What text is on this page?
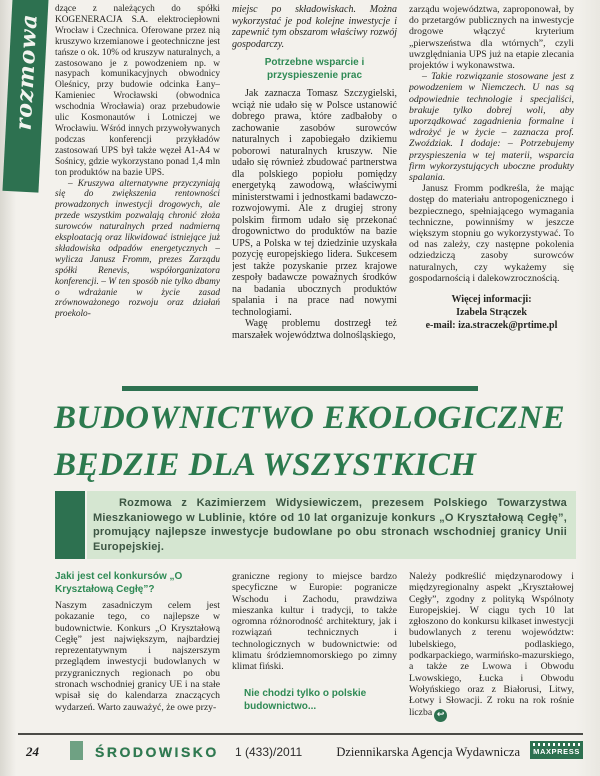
rozmowa

dzące z należących do spółki KOGENERACJA S.A. elektrociepłowni Wrocław i Czechnica. Oferowane przez nią kruszywo krzemianowe i geotechniczne jest tańsze o ok. 10% od kruszyw naturalnych, a zastosowano je z powodzeniem np. w nasypach komunikacyjnych obwodnicy Oleśnicy, przy budowie odcinka Łany–Kamieniec Wrocławski (obwodnica wschodnia Wrocławia) oraz przebudowie ulic Kosmonautów i Lotniczej we Wrocławiu. Wśród innych przywoływanych podczas konferencji przykładów zastosowań UPS był także węzeł A1-A4 w Sośnicy, gdzie wykorzystano ponad 1,4 mln ton produktów na bazie UPS.

– Kruszywa alternatywne przyczyniają się do zwiększenia rentowności prowadzonych inwestycji drogowych, ale przede wszystkim pozwalają chronić złoża surowców naturalnych przed nadmierną eksploatacją oraz likwidować istniejące już składowiska odpadów energetycznych – wylicza Janusz Fromm, prezes Zarządu spółki Renevis, współorganizatora konferencji. – W ten sposób nie tylko dbamy o wdrażanie w życie zasad zrównoważonego rozwoju oraz działań proekolo-

miejsc po składowiskach. Można wykorzystać je pod kolejne inwestycje i zapewnić tym obszarom właściwy rozwój gospodarczy.

Potrzebne wsparcie i przyspieszenie prac

Jak zaznacza Tomasz Szczygielski, wciąż nie udało się w Polsce ustanowić dobrego prawa, które zadbałoby o zachowanie zasobów surowców naturalnych i zapobiegało dzikiemu poborowi naturalnych kruszyw. Nie udało się również zbudować partnerstwa dla polskiego popiołu pomiędzy energetyką zawodową, właściwymi ministerstwami i jednostkami badawczo-rozwojowymi. Ale z drugiej strony polskim firmom udało się przekonać drogownictwo do produktów na bazie UPS, a Polska w tej dziedzinie uzyskała pozycję europejskiego lidera. Sukcesem jest także pozyskanie przez krajowe zespoły badawcze poważnych środków na badania ubocznych produktów spalania i na prace nad nowymi technologiami.

Wagę problemu dostrzegł też marszałek województwa dolnośląskiego,

zarządu województwa, zaproponował, by do przetargów publicznych na inwestycje drogowe włączyć kryterium „pierwszeństwa dla wtórnych”, czyli uwzględniania UPS już na etapie zlecania projektów i wykonawstwa.

– Takie rozwiązanie stosowane jest z powodzeniem w Niemczech. U nas są odpowiednie technologie i specjaliści, brakuje tylko dobrej woli, aby uporządkować zagadnienia formalne i wdrożyć je w życie – zaznacza prof. Zwoździak. I dodaje: – Potrzebujemy przyspieszenia w tej materii, wsparcia firm wykorzystujących uboczne produkty spalania.

Janusz Fromm podkreśla, że mając dostęp do materiału antropogenicznego i bezpiecznego, spełniającego wymagania techniczne, powinniśmy w jeszcze większym stopniu go wykorzystywać. To od nas zależy, czy następne pokolenia odziedziczą zasoby surowców naturalnych, czy wykażemy się gospodarnością i dalekowzrocznością.

Więcej informacji:
Izabela Strączek
e-mail: iza.straczek@prtime.pl
BUDOWNICTWO EKOLOGICZNE
BĘDZIE DLA WSZYSTKICH

Rozmowa z Kazimierzem Widysiewiczem, prezesem Polskiego Towarzystwa Mieszkaniowego w Lublinie, które od 10 lat organizuje konkurs „O Kryształową Cegłę”, promujący najlepsze inwestycje budowlane po obu stronach wschodniej granicy Unii Europejskiej.

Jaki jest cel konkursów „O Kryształową Cegłę”?

Naszym zasadniczym celem jest pokazanie tego, co najlepsze w budownictwie. Konkurs „O Kryształową Cegłę” jest największym, najbardziej reprezentatywnym i najszerszym przeglądem inwestycji budowlanych w przygranicznych regionach po obu stronach wschodniej granicy UE i na stałe wpisał się do kalendarza znaczących wydarzeń. Warto zauważyć, że owe przy-

graniczne regiony to miejsce bardzo specyficzne w Europie: pogranicze Wschodu i Zachodu, prawdziwa mieszanka kultur i tradycji, to także ogromna różnorodność architektury, jak i rozwiązań technicznych i technologicznych w budownictwie: od klimatu śródziemnomorskiego po zimny klimat fiński.

Nie chodzi tylko o polskie budownictwo...

Należy podkreślić międzynarodowy i międzyregionalny aspekt „Kryształowej Cegły”, zgodny z polityką Wspólnoty Europejskiej. W ciągu tych 10 lat zgłoszono do konkursu kilkaset inwestycji budowlanych z terenu województw: lubelskiego, podlaskiego, podkarpackiego, warmińsko-mazurskiego, a także ze Lwowa i Obwodu Lwowskiego, Łucka i Obwodu Wołyńskiego oraz z Białorusi, Litwy, Łotwy i Słowacji. Z roku na rok rośnie liczba ↩

24	ŚRODOWISKO 1 (433)/2011	Dziennikarska Agencja Wydawnicza MAXPRESS
